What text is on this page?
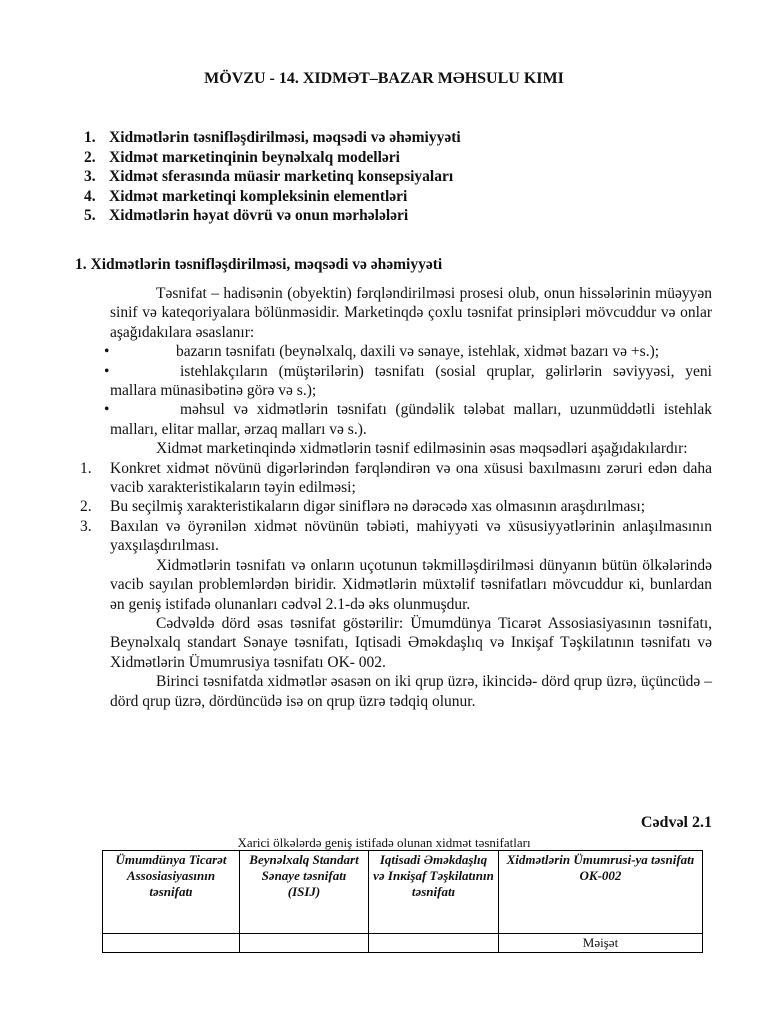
MÖVZU - 14. XIDMƏT–BAZAR MƏHSULU KIMI
1. Xidmətlərin təsnifləşdirilməsi, məqsədi və əhəmiyyəti
2. Xidmət marкetinqinin beynəlxalq modelləri
3. Xidmət sferasında müasir marketinq konsepsiyaları
4. Xidmət marketinqi kompleksinin elementləri
5. Xidmətlərin həyat dövrü və onun mərhələləri
1. Xidmətlərin təsnifləşdirilməsi, məqsədi və əhəmiyyəti

Təsnifat – hadisənin (obyektin) fərqləndirilməsi prosesi olub, onun hissələrinin müəyyən sinif və kateqoriyalara bölünməsidir. Marketinqdə çoxlu təsnifat prinsipləri mövcuddur və onlar aşağıdakılara əsaslanır:

•	bazarın təsnifatı (beynəlxalq, daxili və sənaye, istehlak, xidmət bazarı və +s.);
•	istehlakçıların (müştərilərin) təsnifatı (sosial qruplar, gəlirlərin səviyyəsi, yeni mallara münasibətinə görə və s.);
•	məhsul və xidmətlərin təsnifatı (gündəlik tələbat malları, uzunmüddətli istehlak malları, elitar mallar, ərzaq malları və s.).

Xidmət marketinqində xidmətlərin təsnif edilməsinin əsas məqsədləri aşağıdakılardır:

1. Konkret xidmət növünü digərlərindən fərqləndirən və ona xüsusi baxılmasını zəruri edən daha vacib xarakteristikaların təyin edilməsi;
2. Bu seçilmiş xarakteristikaların digər siniflərə nə dərəcədə xas olmasının araşdırılması;
3. Baxılan və öyrənilən xidmət növünün təbiəti, mahiyyəti və xüsusiyyətlərinin anlaşılmasının yaxşılaşdırılması.

Xidmətlərin təsnifatı və onların uçotunun təkmilləşdirilməsi dünyanın bütün ölkələrində vacib sayılan problemlərdən biridir. Xidmətlərin müxtəlif təsnifatları mövcuddur кi, bunlardan ən geniş istifadə olunanları cədvəl 2.1-də əks olunmuşdur.

Cədvəldə dörd əsas təsnifat göstərilir: Ümumdünya Ticarət Assosiasiyasının təsnifatı, Beynəlxalq standart Sənaye təsnifatı, Iqtisadi Əməkdaşlıq və Inкişaf Təşkilatının təsnifatı və Xidmətlərin Ümumrusiya təsnifatı OK- 002.

Birinci təsnifatda xidmətlər əsasən on iki qrup üzrə, ikincidə- dörd qrup üzrə, üçüncüdə – dörd qrup üzrə, dördüncüdə isə on qrup üzrə tədqiq olunur.

Cədvəl 2.1
Xarici ölkələrdə geniş istifadə olunan xidmət təsnifatları
Ümumdünya Ticarət Assosiasiyasının təsnifatı	Beynəlxalq Standart Sənaye təsnifatı (ISIJ)	Iqtisadi Əməkdaşlıq və Inкişaf Təşkilatının təsnifatı	Xidmətlərin Ümumrusi-ya təsnifatı OK-002
			Məişət
